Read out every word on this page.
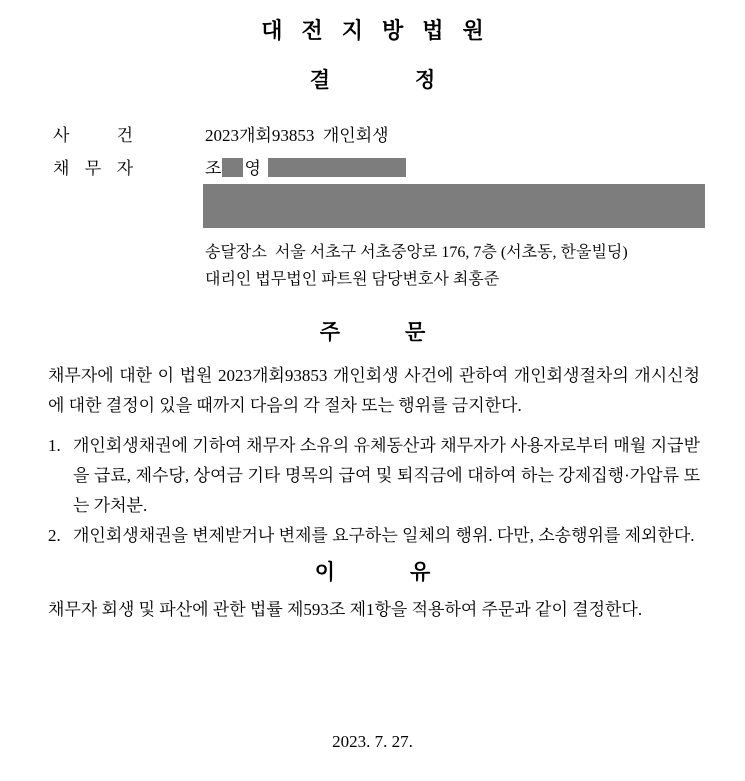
대전지방법원
결	정
사	건	2023개회93853  개인회생
채 무 자	조 영
송달장소  서울 서초구 서초중앙로 176, 7층 (서초동, 한울빌딩)
대리인 법무법인 파트원 담당변호사 최홍준
주	문

채무자에 대한 이 법원 2023개회93853 개인회생 사건에 관하여 개인회생절차의 개시신청에 대한 결정이 있을 때까지 다음의 각 절차 또는 행위를 금지한다.

1. 개인회생채권에 기하여 채무자 소유의 유체동산과 채무자가 사용자로부터 매월 지급받을 급료, 제수당, 상여금 기타 명목의 급여 및 퇴직금에 대하여 하는 강제집행·가압류 또는 가처분.
2. 개인회생채권을 변제받거나 변제를 요구하는 일체의 행위. 다만, 소송행위를 제외한다.
이	유

채무자 회생 및 파산에 관한 법률 제593조 제1항을 적용하여 주문과 같이 결정한다.

2023. 7. 27.
